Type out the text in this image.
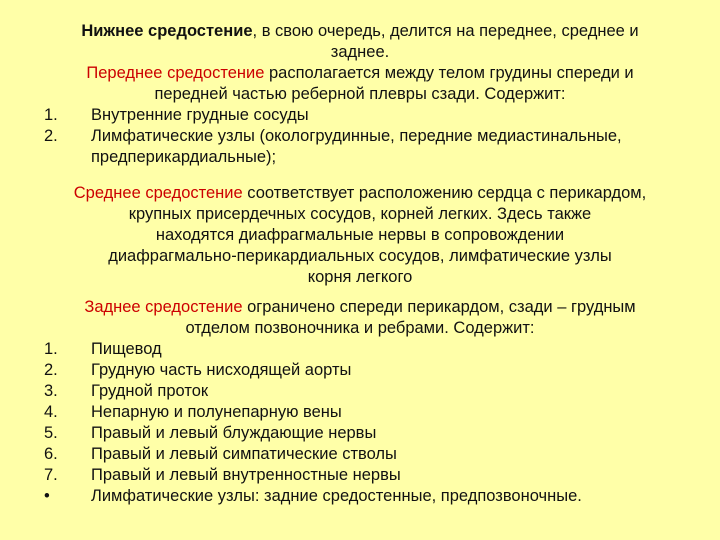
Нижнее средостение, в свою очередь, делится на переднее, среднее и
заднее.
Переднее средостение располагается между телом грудины спереди и
передней частью реберной плевры сзади. Содержит:
1. Внутренние грудные сосуды
2. Лимфатические узлы (окологрудинные, передние медиастинальные,
предперикардиальные);
Среднее средостение соответствует расположению сердца с перикардом,
крупных присердечных сосудов, корней легких. Здесь также
находятся диафрагмальные нервы в сопровождении
диафрагмально-перикардиальных сосудов, лимфатические узлы
корня легкого
Заднее средостение ограничено спереди перикардом, сзади – грудным
отделом позвоночника и ребрами. Содержит:
1. Пищевод
2. Грудную часть нисходящей аорты
3. Грудной проток
4. Непарную и полунепарную вены
5. Правый и левый блуждающие нервы
6. Правый и левый симпатические стволы
7. Правый и левый внутренностные нервы
• Лимфатические узлы: задние средостенные, предпозвоночные.
